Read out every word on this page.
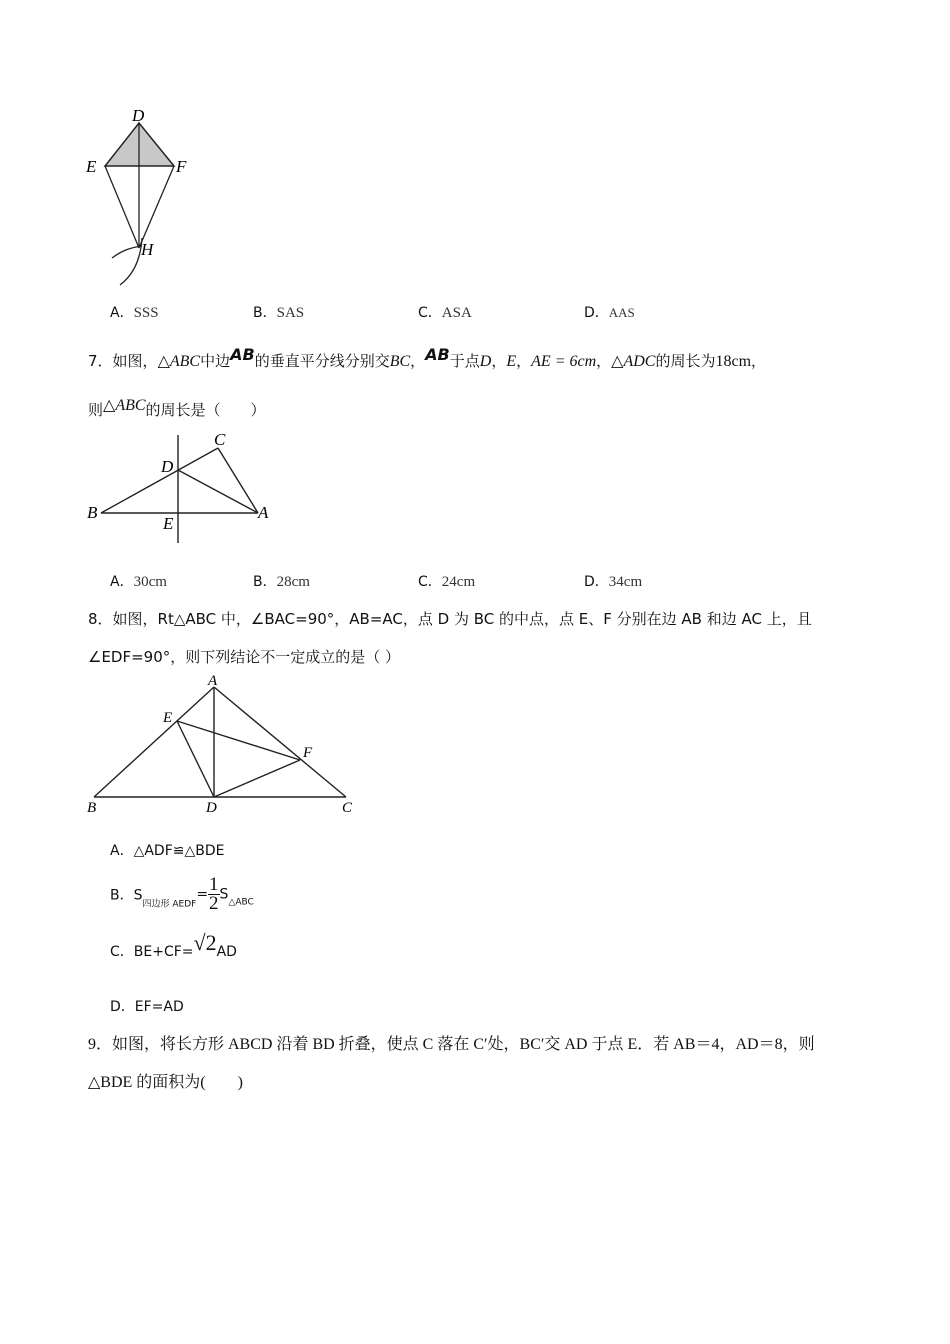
D
E	F
H
A．SSS	B．SAS	C．ASA	D．AAS
7．如图，△ABC中边AB的垂直平分线分别交BC，AB于点D，E，AE = 6cm，△ADC的周长为18cm，
则△ABC的周长是（　　）
C
D
B	A
E
A．30cm	B．28cm	C．24cm	D．34cm
8．如图，Rt△ABC 中，∠BAC=90°，AB=AC，点 D 为 BC 的中点，点 E、F 分别在边 AB 和边 AC 上，且
∠EDF=90°，则下列结论不一定成立的是（ ）
A
E
F
B	D	C
A．△ADF≌△BDE
B．$S_{四边形 AEDF}= \frac{1}{2} S_{\triangle ABC}$
C．BE+CF=√2AD
D．EF=AD
9．如图，将长方形 ABCD 沿着 BD 折叠，使点 C 落在 C′处，BC′交 AD 于点 E．若 AB＝4，AD＝8，则
△BDE 的面积为(　　)
